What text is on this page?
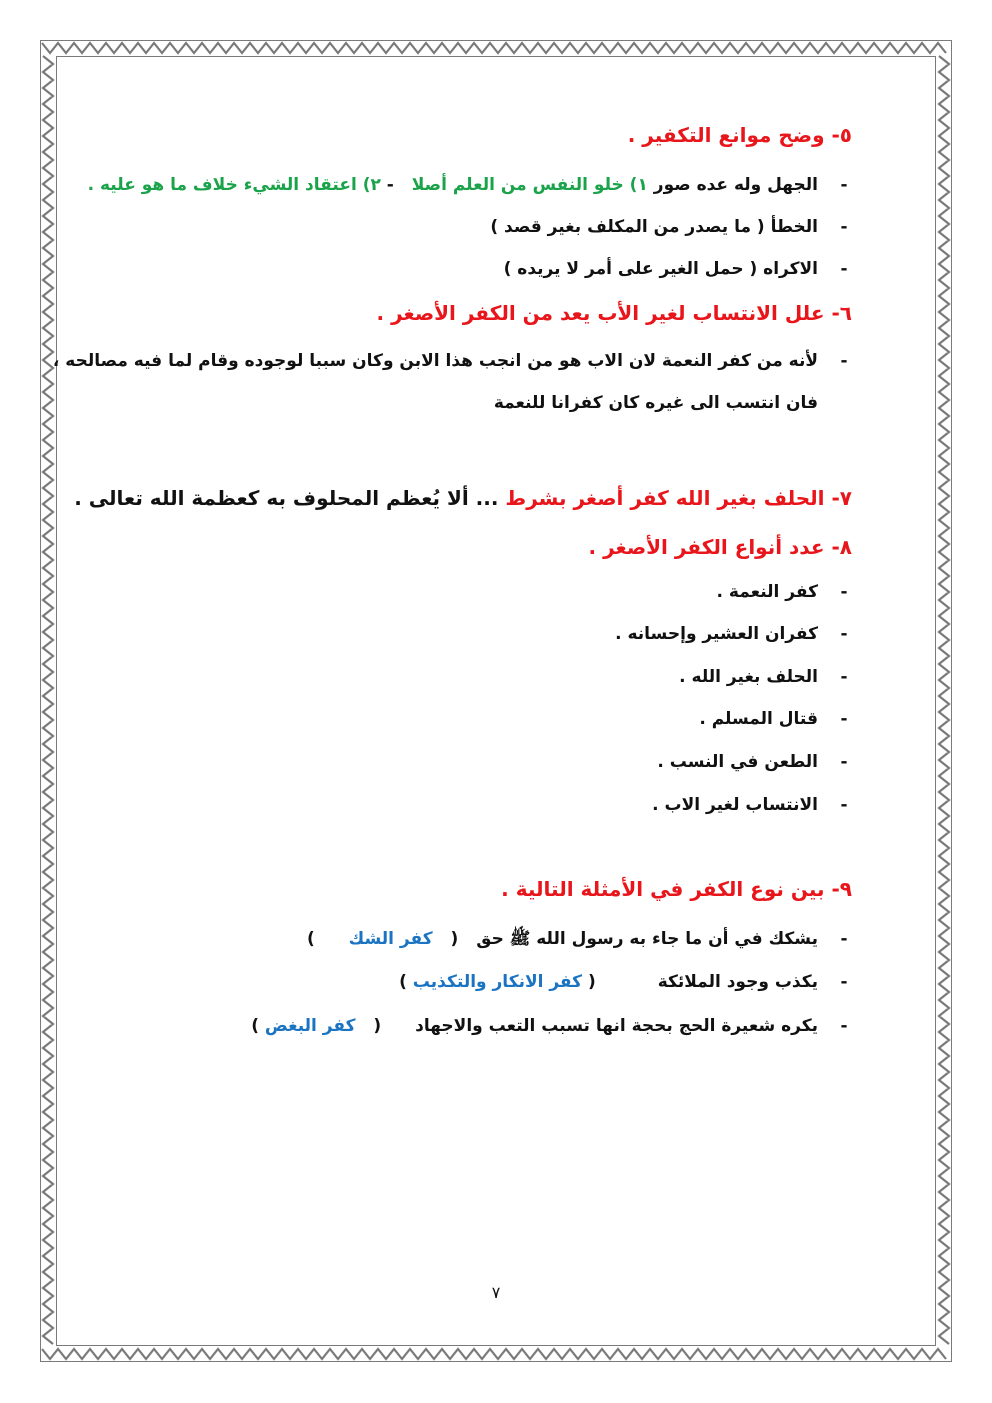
٥- وضح موانع التكفير .
-
الجهل وله عده صور ١) خلو النفس من العلم أصلا - ٢) اعتقاد الشيء خلاف ما هو عليه .
-
الخطأ ( ما يصدر من المكلف بغير قصد )
-
الاكراه ( حمل الغير على أمر لا يريده )
٦- علل الانتساب لغير الأب يعد من الكفر الأصغر .
-
لأنه من كفر النعمة لان الاب هو من انجب هذا الابن وكان سببا لوجوده وقام لما فيه مصالحه ،
فان انتسب الى غيره كان كفرانا للنعمة
٧- الحلف بغير الله كفر أصغر بشرط ... ألا يُعظم المحلوف به كعظمة الله تعالى .
٨- عدد أنواع الكفر الأصغر .
-
كفر النعمة .
-
كفران العشير وإحسانه .
-
الحلف بغير الله .
-
قتال المسلم .
-
الطعن في النسب .
-
الانتساب لغير الاب .
٩- بين نوع الكفر في الأمثلة التالية .
-
يشكك في أن ما جاء به رسول الله ﷺ حق ( كفر الشك )
-
يكذب وجود الملائكة ( كفر الانكار والتكذيب )
-
يكره شعيرة الحج بحجة انها تسبب التعب والاجهاد ( كفر البغض )
٧
